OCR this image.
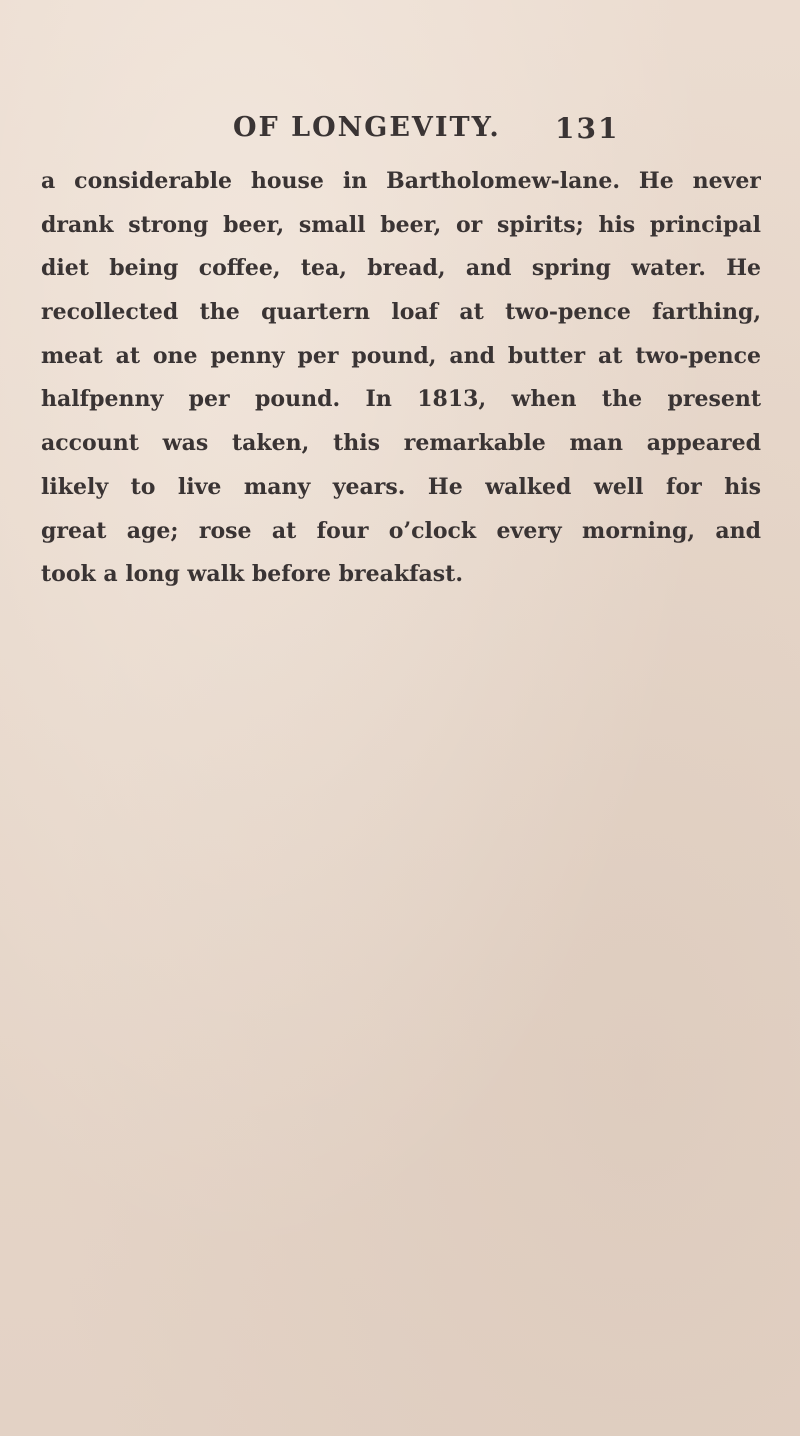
OF LONGEVITY. 131
a considerable house in Bartholomew-lane. He never
drank strong beer, small beer, or spirits; his principal
diet being coffee, tea, bread, and spring water. He
recollected the quartern loaf at two-pence farthing,
meat at one penny per pound, and butter at two-pence
halfpenny per pound. In 1813, when the present
account was taken, this remarkable man appeared
likely to live many years. He walked well for his
great age; rose at four o’clock every morning, and
took a long walk before breakfast.
